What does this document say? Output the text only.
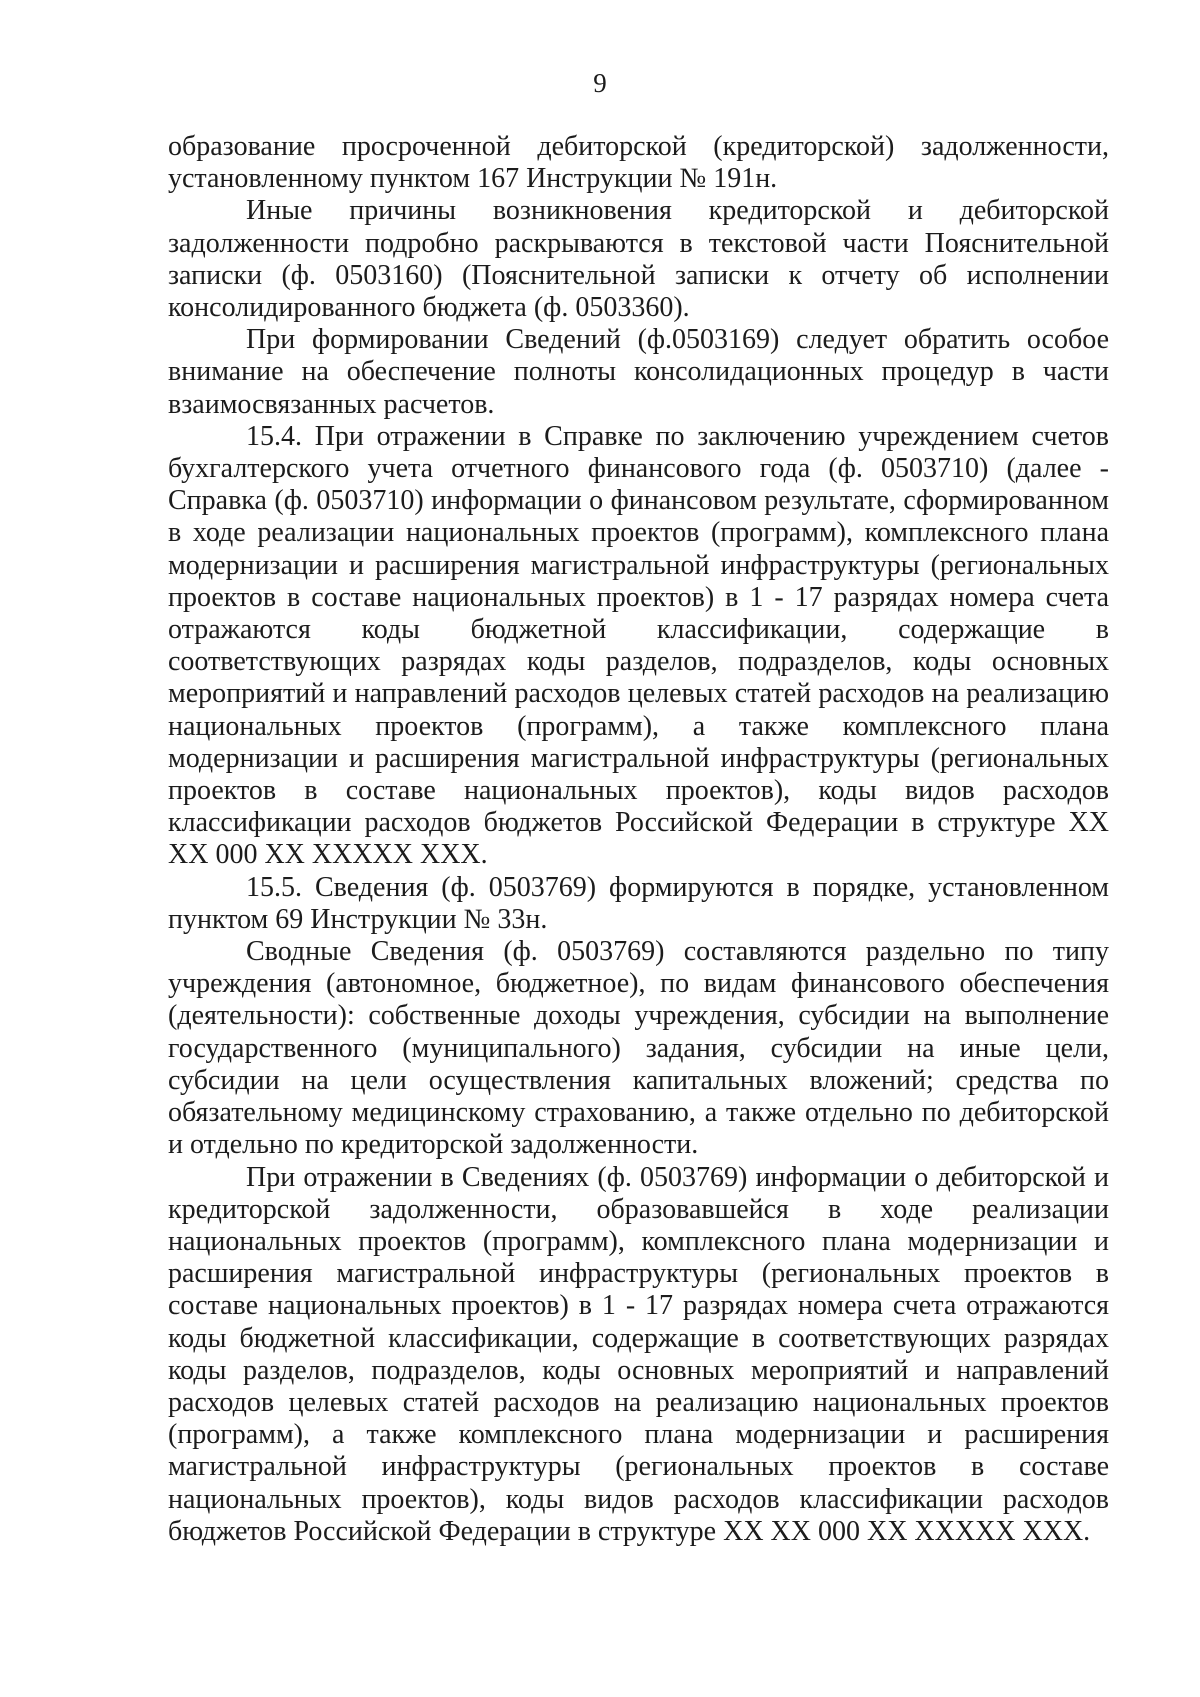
9

образование просроченной дебиторской (кредиторской) задолженности, установленному пунктом 167 Инструкции № 191н.

Иные причины возникновения кредиторской и дебиторской задолженности подробно раскрываются в текстовой части Пояснительной записки (ф. 0503160) (Пояснительной записки к отчету об исполнении консолидированного бюджета (ф. 0503360).

При формировании Сведений (ф.0503169) следует обратить особое внимание на обеспечение полноты консолидационных процедур в части взаимосвязанных расчетов.

15.4. При отражении в Справке по заключению учреждением счетов бухгалтерского учета отчетного финансового года (ф. 0503710) (далее - Справка (ф. 0503710) информации о финансовом результате, сформированном в ходе реализации национальных проектов (программ), комплексного плана модернизации и расширения магистральной инфраструктуры (региональных проектов в составе национальных проектов) в 1 - 17 разрядах номера счета отражаются коды бюджетной классификации, содержащие в соответствующих разрядах коды разделов, подразделов, коды основных мероприятий и направлений расходов целевых статей расходов на реализацию национальных проектов (программ), а также комплексного плана модернизации и расширения магистральной инфраструктуры (региональных проектов в составе национальных проектов), коды видов расходов классификации расходов бюджетов Российской Федерации в структуре XX XX 000 XX XXXXX XXX.

15.5. Сведения (ф. 0503769) формируются в порядке, установленном пунктом 69 Инструкции № 33н.

Сводные Сведения (ф. 0503769) составляются раздельно по типу учреждения (автономное, бюджетное), по видам финансового обеспечения (деятельности): собственные доходы учреждения, субсидии на выполнение государственного (муниципального) задания, субсидии на иные цели, субсидии на цели осуществления капитальных вложений; средства по обязательному медицинскому страхованию, а также отдельно по дебиторской и отдельно по кредиторской задолженности.

При отражении в Сведениях (ф. 0503769) информации о дебиторской и кредиторской задолженности, образовавшейся в ходе реализации национальных проектов (программ), комплексного плана модернизации и расширения магистральной инфраструктуры (региональных проектов в составе национальных проектов) в 1 - 17 разрядах номера счета отражаются коды бюджетной классификации, содержащие в соответствующих разрядах коды разделов, подразделов, коды основных мероприятий и направлений расходов целевых статей расходов на реализацию национальных проектов (программ), а также комплексного плана модернизации и расширения магистральной инфраструктуры (региональных проектов в составе национальных проектов), коды видов расходов классификации расходов бюджетов Российской Федерации в структуре XX XX 000 XX XXXXX XXX.
